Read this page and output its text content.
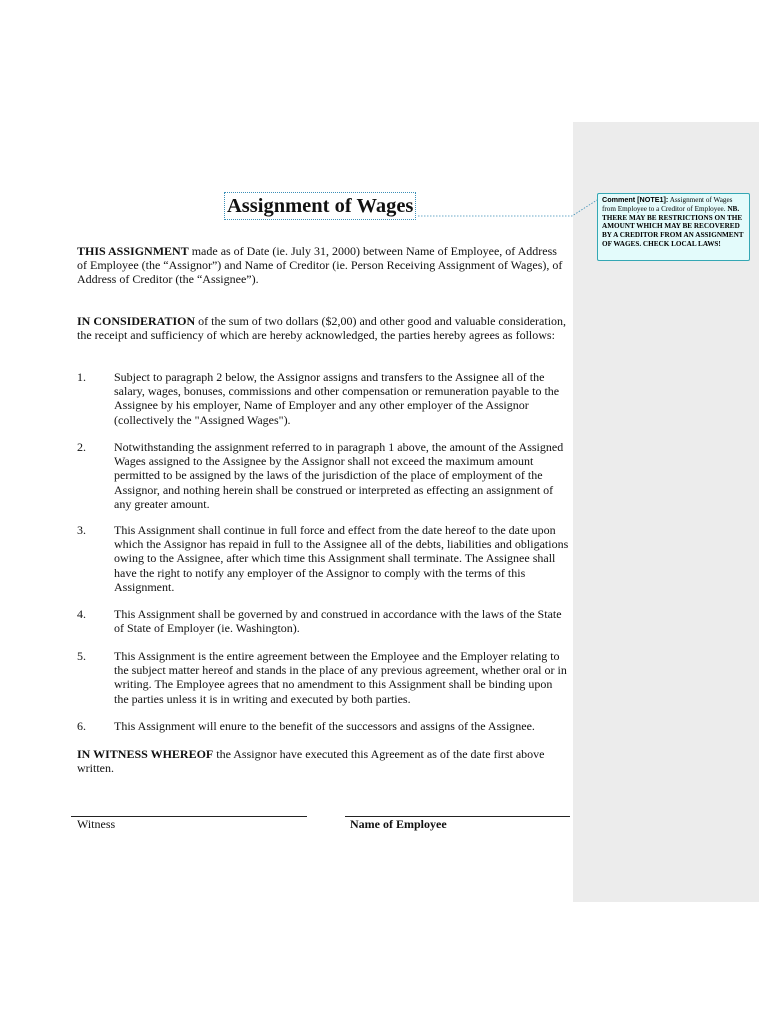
Comment [NOTE1]: Assignment of Wages from Employee to a Creditor of Employee. NB. THERE MAY BE RESTRICTIONS ON THE AMOUNT WHICH MAY BE RECOVERED BY A CREDITOR FROM AN ASSIGNMENT OF WAGES. CHECK LOCAL LAWS!
Assignment of Wages

THIS ASSIGNMENT made as of Date (ie. July 31, 2000) between Name of Employee, of Address of Employee (the “Assignor”) and Name of Creditor (ie. Person Receiving Assignment of Wages), of Address of Creditor (the “Assignee”).

IN CONSIDERATION of the sum of two dollars ($2,00) and other good and valuable consideration, the receipt and sufficiency of which are hereby acknowledged, the parties hereby agrees as follows:

1. Subject to paragraph 2 below, the Assignor assigns and transfers to the Assignee all of the salary, wages, bonuses, commissions and other compensation or remuneration payable to the Assignee by his employer, Name of Employer and any other employer of the Assignor (collectively the "Assigned Wages").
2. Notwithstanding the assignment referred to in paragraph 1 above, the amount of the Assigned Wages assigned to the Assignee by the Assignor shall not exceed the maximum amount permitted to be assigned by the laws of the jurisdiction of the place of employment of the Assignor, and nothing herein shall be construed or interpreted as effecting an assignment of any greater amount.
3. This Assignment shall continue in full force and effect from the date hereof to the date upon which the Assignor has repaid in full to the Assignee all of the debts, liabilities and obligations owing to the Assignee, after which time this Assignment shall terminate. The Assignee shall have the right to notify any employer of the Assignor to comply with the terms of this Assignment.
4. This Assignment shall be governed by and construed in accordance with the laws of the State of State of Employer (ie. Washington).
5. This Assignment is the entire agreement between the Employee and the Employer relating to the subject matter hereof and stands in the place of any previous agreement, whether oral or in writing. The Employee agrees that no amendment to this Assignment shall be binding upon the parties unless it is in writing and executed by both parties.
6. This Assignment will enure to the benefit of the successors and assigns of the Assignee.

IN WITNESS WHEREOF the Assignor have executed this Agreement as of the date first above written.

Witness	Name of Employee
